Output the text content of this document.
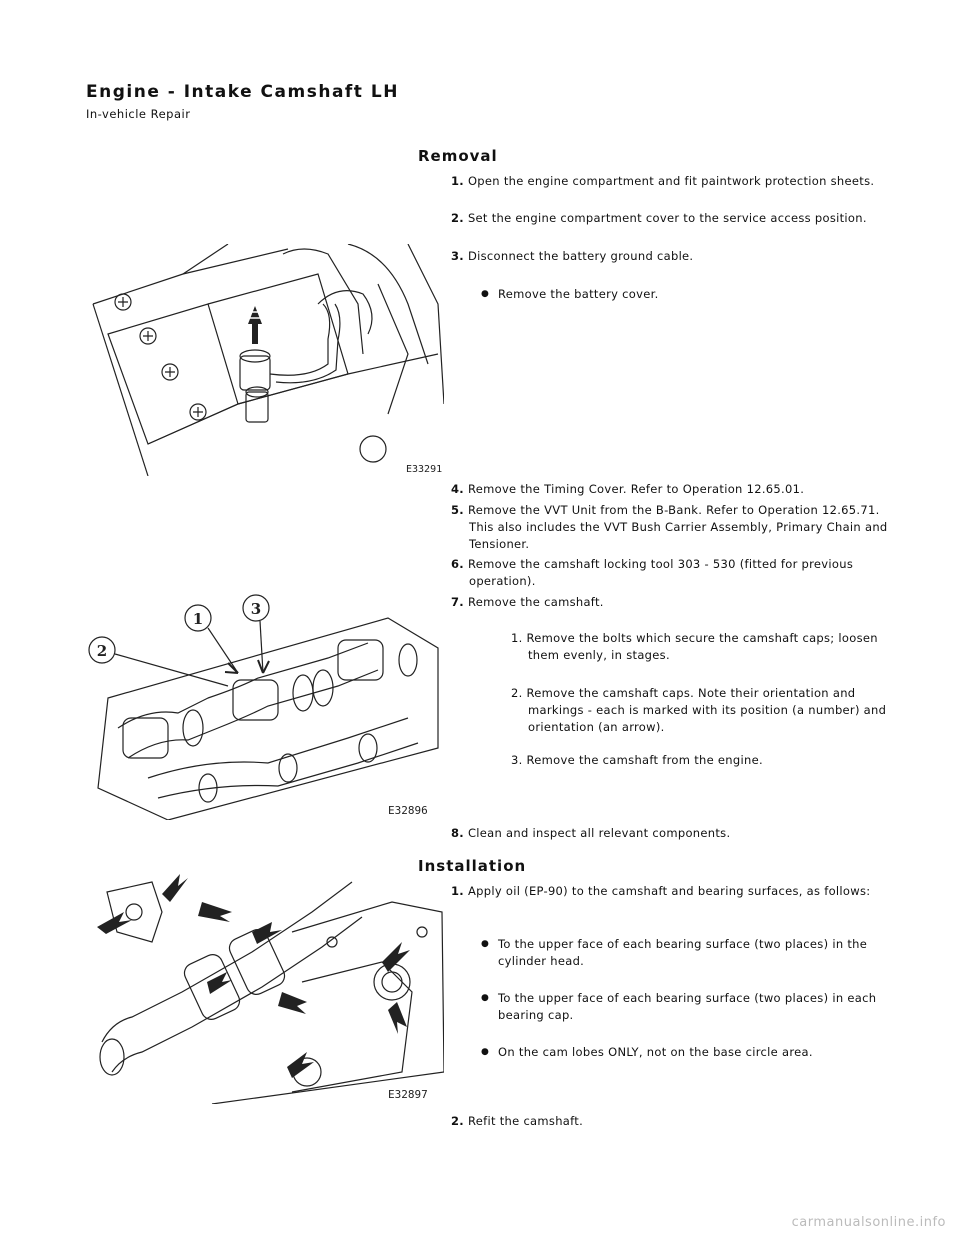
Engine - Intake Camshaft LH
In-vehicle Repair
Removal
E33291
1. Open the engine compartment and fit paintwork protection sheets.
2. Set the engine compartment cover to the service access position.
3. Disconnect the battery ground cable.
● Remove the battery cover.
4. Remove the Timing Cover. Refer to Operation 12.65.01.
5. Remove the VVT Unit from the B-Bank. Refer to Operation 12.65.71. This also includes the VVT Bush Carrier Assembly, Primary Chain and Tensioner.
6. Remove the camshaft locking tool 303 - 530 (fitted for previous operation).
7. Remove the camshaft.
1. Remove the bolts which secure the camshaft caps; loosen them evenly, in stages.
2. Remove the camshaft caps. Note their orientation and markings - each is marked with its position (a number) and orientation (an arrow).
3. Remove the camshaft from the engine.
1
3
2
E32896
8. Clean and inspect all relevant components.
Installation
E32897
1. Apply oil (EP-90) to the camshaft and bearing surfaces, as follows:
● To the upper face of each bearing surface (two places) in the cylinder head.
● To the upper face of each bearing surface (two places) in each bearing cap.
● On the cam lobes ONLY, not on the base circle area.
2. Refit the camshaft.
carmanualsonline.info
